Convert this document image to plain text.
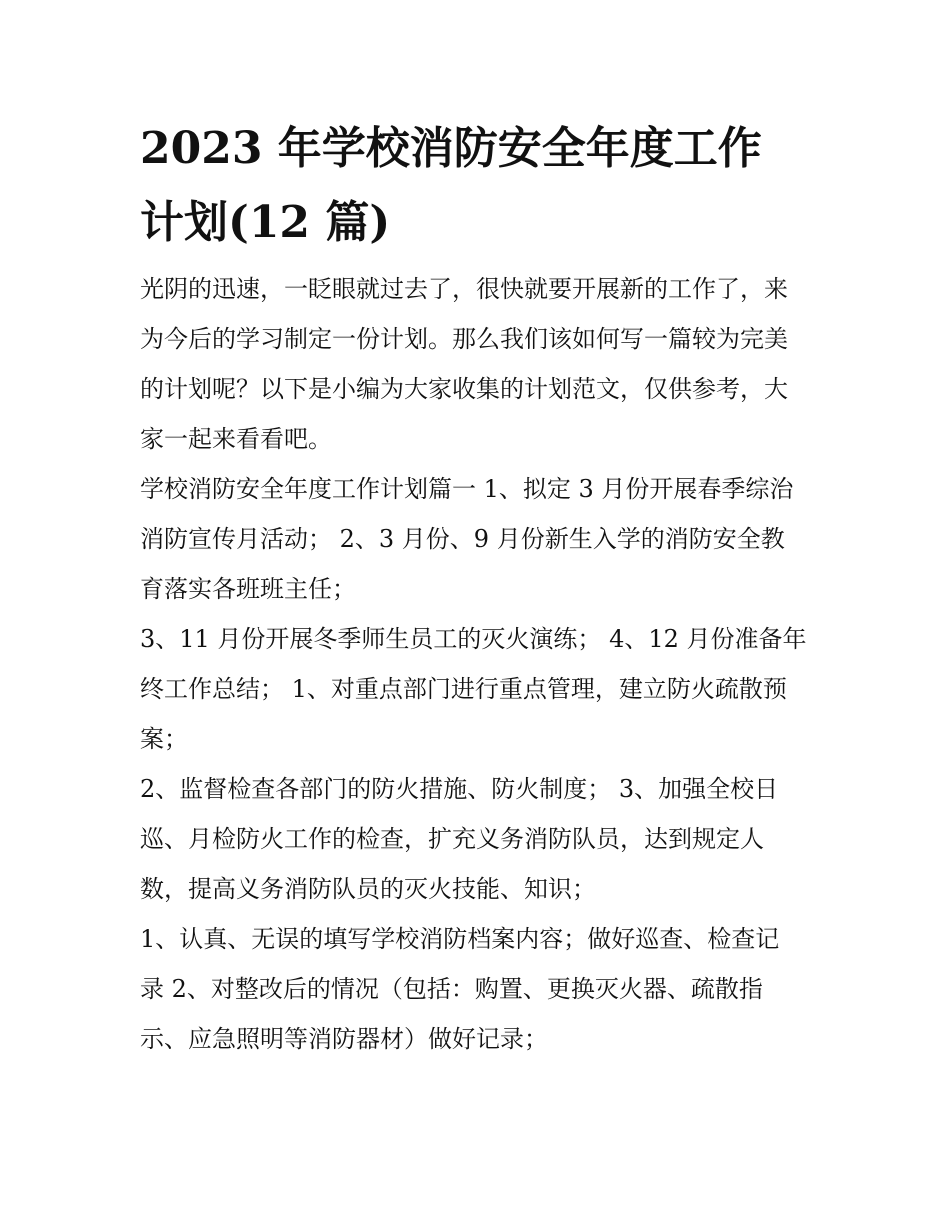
2023 年学校消防安全年度工作
计划(12 篇)
光阴的迅速，一眨眼就过去了，很快就要开展新的工作了，来
为今后的学习制定一份计划。那么我们该如何写一篇较为完美
的计划呢？以下是小编为大家收集的计划范文，仅供参考，大
家一起来看看吧。
学校消防安全年度工作计划篇一 1、拟定 3 月份开展春季综治
消防宣传月活动； 2、3 月份、9 月份新生入学的消防安全教
育落实各班班主任；
3、11 月份开展冬季师生员工的灭火演练； 4、12 月份准备年
终工作总结； 1、对重点部门进行重点管理，建立防火疏散预
案；
2、监督检查各部门的防火措施、防火制度； 3、加强全校日
巡、月检防火工作的检查，扩充义务消防队员，达到规定人
数，提高义务消防队员的灭火技能、知识；
1、认真、无误的填写学校消防档案内容；做好巡查、检查记
录 2、对整改后的情况（包括：购置、更换灭火器、疏散指
示、应急照明等消防器材）做好记录；
